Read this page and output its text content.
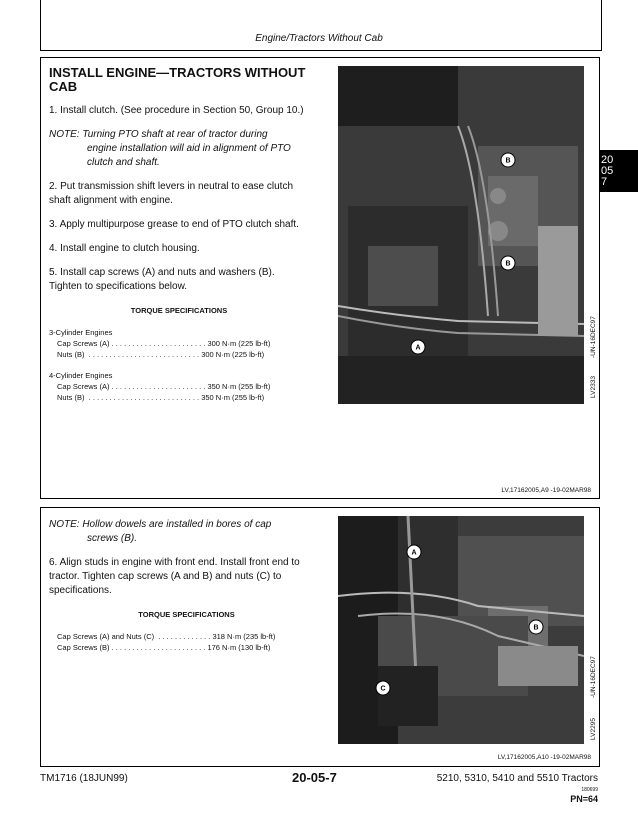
Engine/Tractors Without Cab
20
05
7
INSTALL ENGINE—TRACTORS WITHOUT CAB
1. Install clutch. (See procedure in Section 50, Group 10.)
NOTE: Turning PTO shaft at rear of tractor during
engine installation will aid in alignment of PTO clutch and shaft.
2. Put transmission shift levers in neutral to ease clutch shaft alignment with engine.
3. Apply multipurpose grease to end of PTO clutch shaft.
4. Install engine to clutch housing.
5. Install cap screws (A) and nuts and washers (B). Tighten to specifications below.
TORQUE SPECIFICATIONS
3-Cylinder Engines
Cap Screws (A) . . . . . . . . . . . . . . . . . . . . . . . 300 N·m (225 lb-ft)
Nuts (B)  . . . . . . . . . . . . . . . . . . . . . . . . . . . 300 N·m (225 lb-ft)
4-Cylinder Engines
Cap Screws (A) . . . . . . . . . . . . . . . . . . . . . . . 350 N·m (255 lb-ft)
Nuts (B)  . . . . . . . . . . . . . . . . . . . . . . . . . . . 350 N·m (255 lb-ft)
B
B
A
LV2333
-UN-16DEC97
LV,17162005,A9 -19-02MAR98
NOTE: Hollow dowels are installed in bores of cap
screws (B).
6. Align studs in engine with front end. Install front end to tractor. Tighten cap screws (A and B) and nuts (C) to specifications.
TORQUE SPECIFICATIONS
Cap Screws (A) and Nuts (C)  . . . . . . . . . . . . . 318 N·m (235 lb-ft)
Cap Screws (B) . . . . . . . . . . . . . . . . . . . . . . . 176 N·m (130 lb-ft)
A
B
C
LV2295
-UN-16DEC97
LV,17162005,A10 -19-02MAR98
TM1716 (18JUN99)	20-05-7	5210, 5310, 5410 and 5510 Tractors
180699
PN=64
